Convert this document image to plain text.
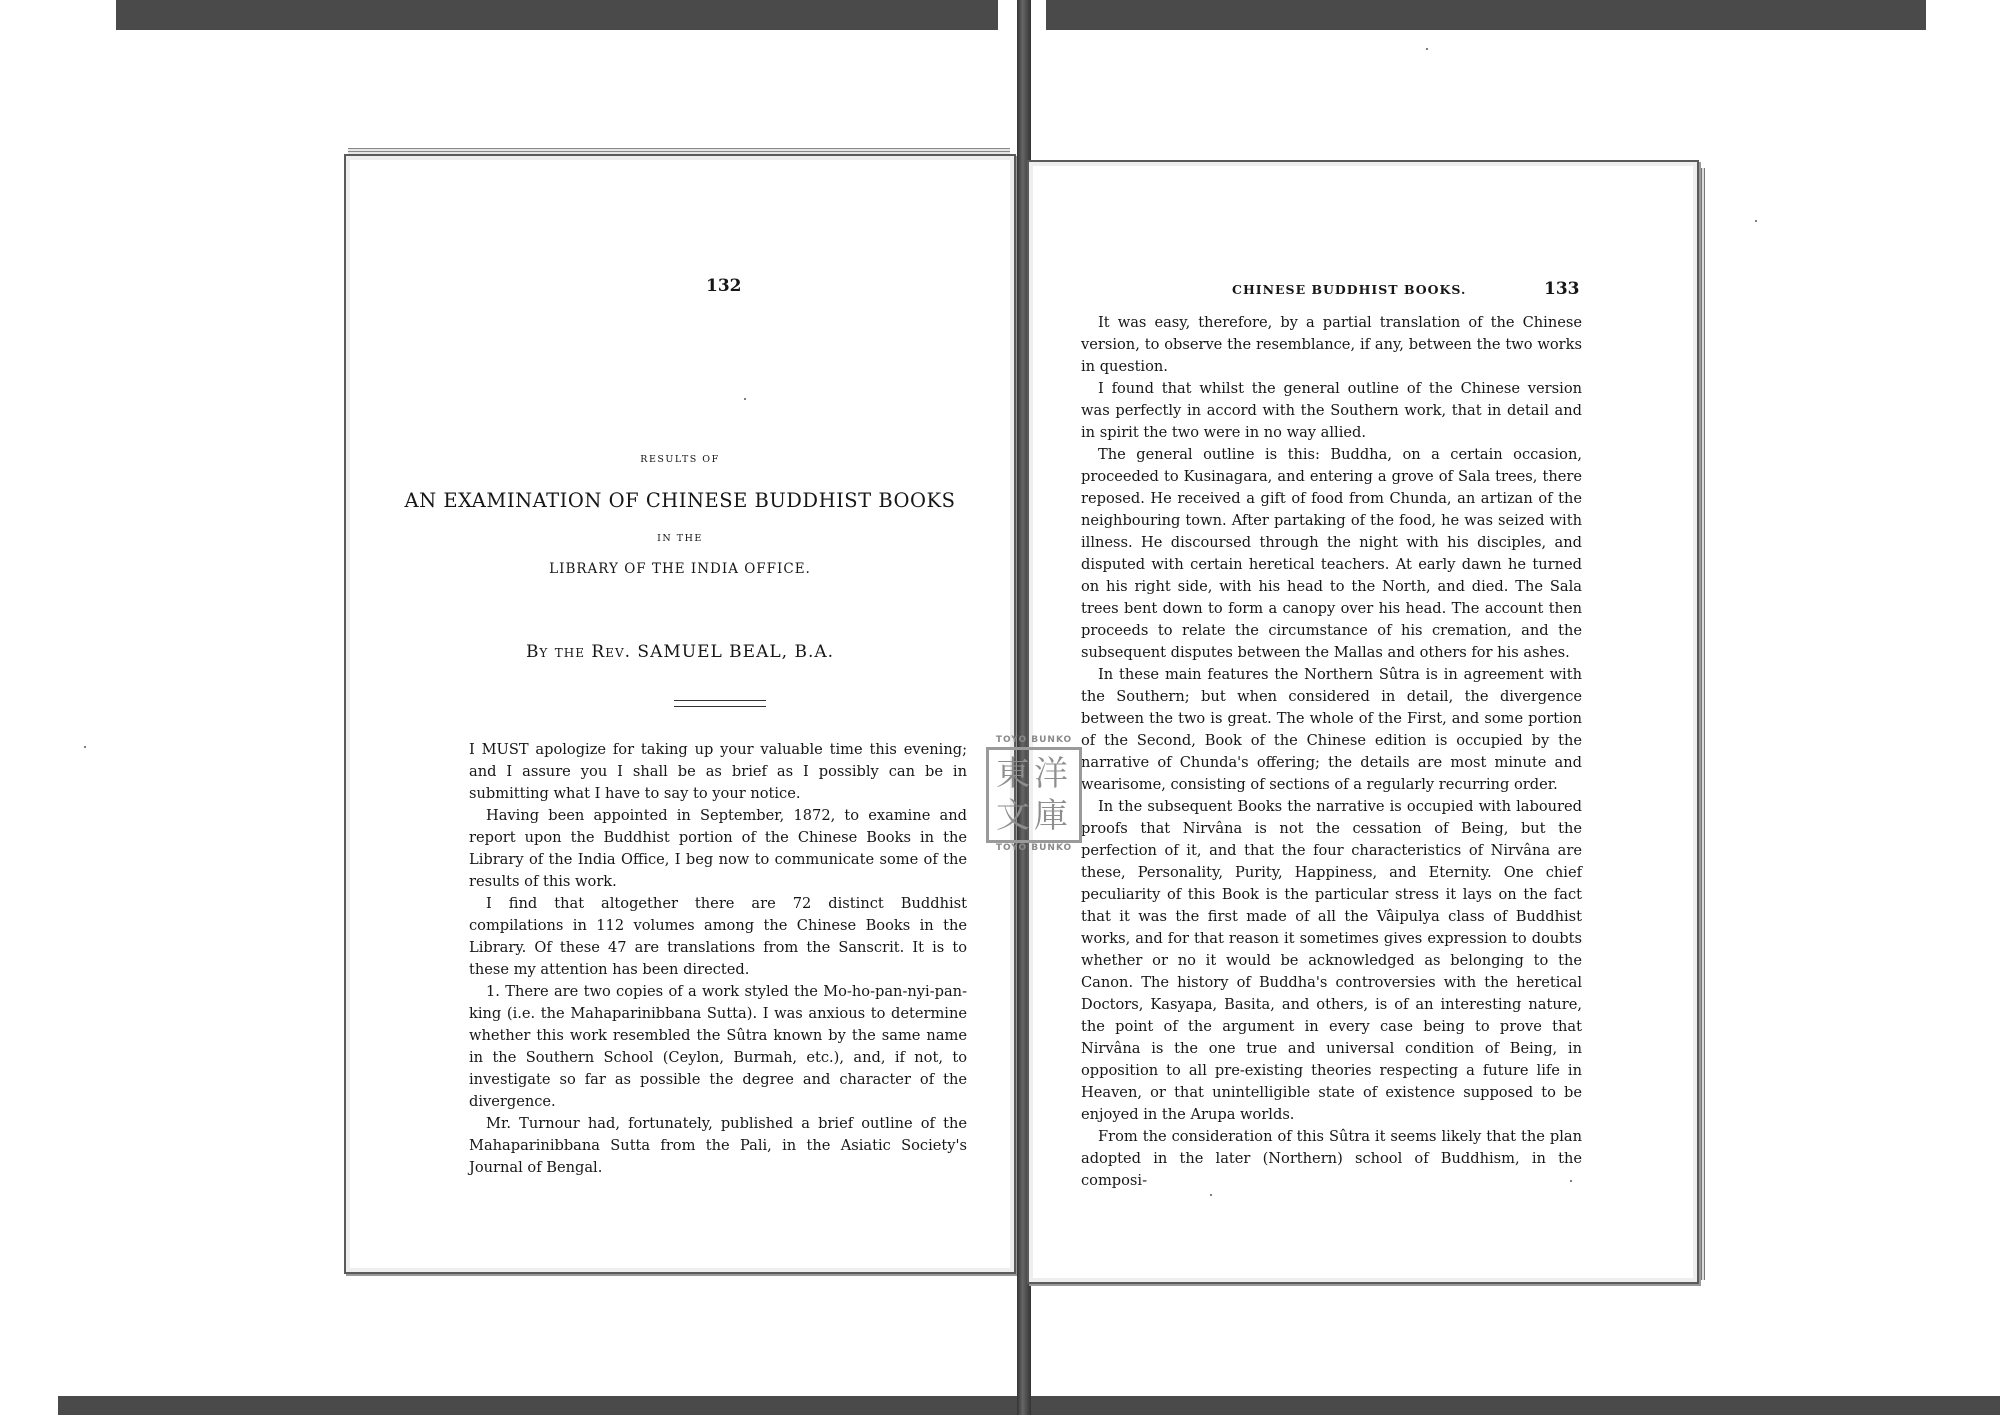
132
RESULTS OF
AN EXAMINATION OF CHINESE BUDDHIST BOOKS
IN THE
LIBRARY OF THE INDIA OFFICE.
By the Rev. SAMUEL BEAL, B.A.

I MUST apologize for taking up your valuable time this evening; and I assure you I shall be as brief as I possibly can be in submitting what I have to say to your notice.

Having been appointed in September, 1872, to examine and report upon the Buddhist portion of the Chinese Books in the Library of the India Office, I beg now to communicate some of the results of this work.

I find that altogether there are 72 distinct Buddhist compilations in 112 volumes among the Chinese Books in the Library. Of these 47 are translations from the Sanscrit. It is to these my attention has been directed.

1. There are two copies of a work styled the Mo-ho-pan-nyi-pan-king (i.e. the Mahaparinibbana Sutta). I was anxious to determine whether this work resembled the Sûtra known by the same name in the Southern School (Ceylon, Burmah, etc.), and, if not, to investigate so far as possible the degree and character of the divergence.

Mr. Turnour had, fortunately, published a brief outline of the Mahaparinibbana Sutta from the Pali, in the Asiatic Society's Journal of Bengal.

CHINESE BUDDHIST BOOKS.	133

It was easy, therefore, by a partial translation of the Chinese version, to observe the resemblance, if any, between the two works in question.

I found that whilst the general outline of the Chinese version was perfectly in accord with the Southern work, that in detail and in spirit the two were in no way allied.

The general outline is this: Buddha, on a certain occasion, proceeded to Kusinagara, and entering a grove of Sala trees, there reposed. He received a gift of food from Chunda, an artizan of the neighbouring town. After partaking of the food, he was seized with illness. He discoursed through the night with his disciples, and disputed with certain heretical teachers. At early dawn he turned on his right side, with his head to the North, and died. The Sala trees bent down to form a canopy over his head. The account then proceeds to relate the circumstance of his cremation, and the subsequent disputes between the Mallas and others for his ashes.

In these main features the Northern Sûtra is in agreement with the Southern; but when considered in detail, the divergence between the two is great. The whole of the First, and some portion of the Second, Book of the Chinese edition is occupied by the narrative of Chunda's offering; the details are most minute and wearisome, consisting of sections of a regularly recurring order.

In the subsequent Books the narrative is occupied with laboured proofs that Nirvâna is not the cessation of Being, but the perfection of it, and that the four characteristics of Nirvâna are these, Personality, Purity, Happiness, and Eternity. One chief peculiarity of this Book is the particular stress it lays on the fact that it was the first made of all the Vâipulya class of Buddhist works, and for that reason it sometimes gives expression to doubts whether or no it would be acknowledged as belonging to the Canon. The history of Buddha's controversies with the heretical Doctors, Kasyapa, Basita, and others, is of an interesting nature, the point of the argument in every case being to prove that Nirvâna is the one true and universal condition of Being, in opposition to all pre-existing theories respecting a future life in Heaven, or that unintelligible state of existence supposed to be enjoyed in the Arupa worlds.

From the consideration of this Sûtra it seems likely that the plan adopted in the later (Northern) school of Buddhism, in the composi-

TOYO BUNKO
東洋文庫
TOYO BUNKO
